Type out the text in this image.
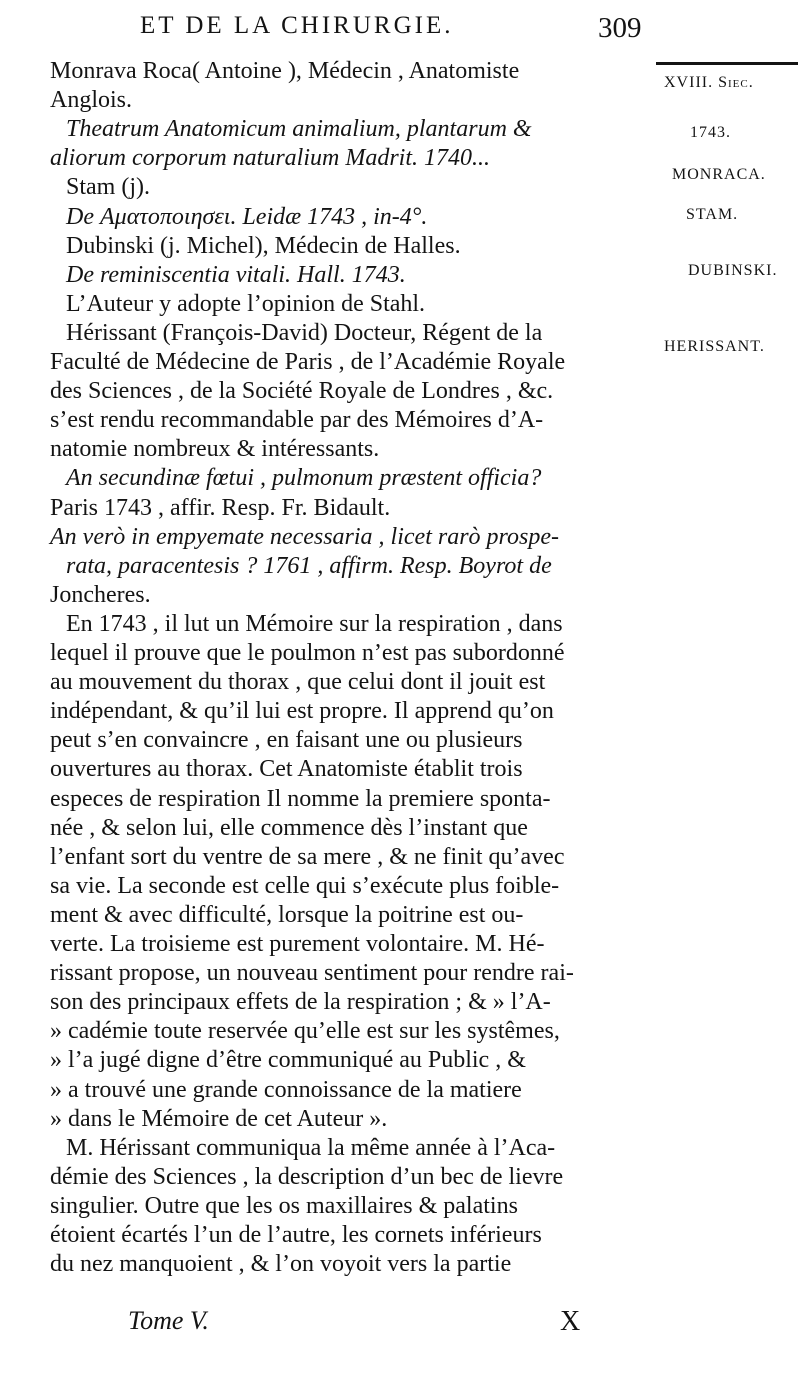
ET DE LA CHIRURGIE.	309
XVIII. Siec.
1743.
MONRACA.
STAM.
DUBINSKI.
HERISSANT.
Monrava Roca( Antoine ), Médecin , Anatomiste
Anglois.
Theatrum Anatomicum animalium, plantarum &
aliorum corporum naturalium Madrit. 1740...
Stam (j).
De Αματοποιησει. Leidæ 1743 , in-4°.
Dubinski (j. Michel), Médecin de Halles.
De reminiscentia vitali. Hall. 1743.
L’Auteur y adopte l’opinion de Stahl.
Hérissant (François-David) Docteur, Régent de la
Faculté de Médecine de Paris , de l’Académie Royale
des Sciences , de la Société Royale de Londres , &c.
s’est rendu recommandable par des Mémoires d’A-
natomie nombreux & intéressants.
An secundinæ fœtui , pulmonum præstent officia?
Paris 1743 , affir. Resp. Fr. Bidault.
An verò in empyemate necessaria , licet rarò prospe-
rata, paracentesis ? 1761 , affirm. Resp. Boyrot de
Joncheres.
En 1743 , il lut un Mémoire sur la respiration , dans
lequel il prouve que le poulmon n’est pas subordonné
au mouvement du thorax , que celui dont il jouit est
indépendant, & qu’il lui est propre. Il apprend qu’on
peut s’en convaincre , en faisant une ou plusieurs
ouvertures au thorax. Cet Anatomiste établit trois
especes de respiration Il nomme la premiere sponta-
née , & selon lui, elle commence dès l’instant que
l’enfant sort du ventre de sa mere , & ne finit qu’avec
sa vie. La seconde est celle qui s’exécute plus foible-
ment & avec difficulté, lorsque la poitrine est ou-
verte. La troisieme est purement volontaire. M. Hé-
rissant propose, un nouveau sentiment pour rendre rai-
son des principaux effets de la respiration ; & » l’A-
» cadémie toute reservée qu’elle est sur les systêmes,
» l’a jugé digne d’être communiqué au Public , &
» a trouvé une grande connoissance de la matiere
» dans le Mémoire de cet Auteur ».
M. Hérissant communiqua la même année à l’Aca-
démie des Sciences , la description d’un bec de lievre
singulier. Outre que les os maxillaires & palatins
étoient écartés l’un de l’autre, les cornets inférieurs
du nez manquoient , & l’on voyoit vers la partie
Tome V.	X
